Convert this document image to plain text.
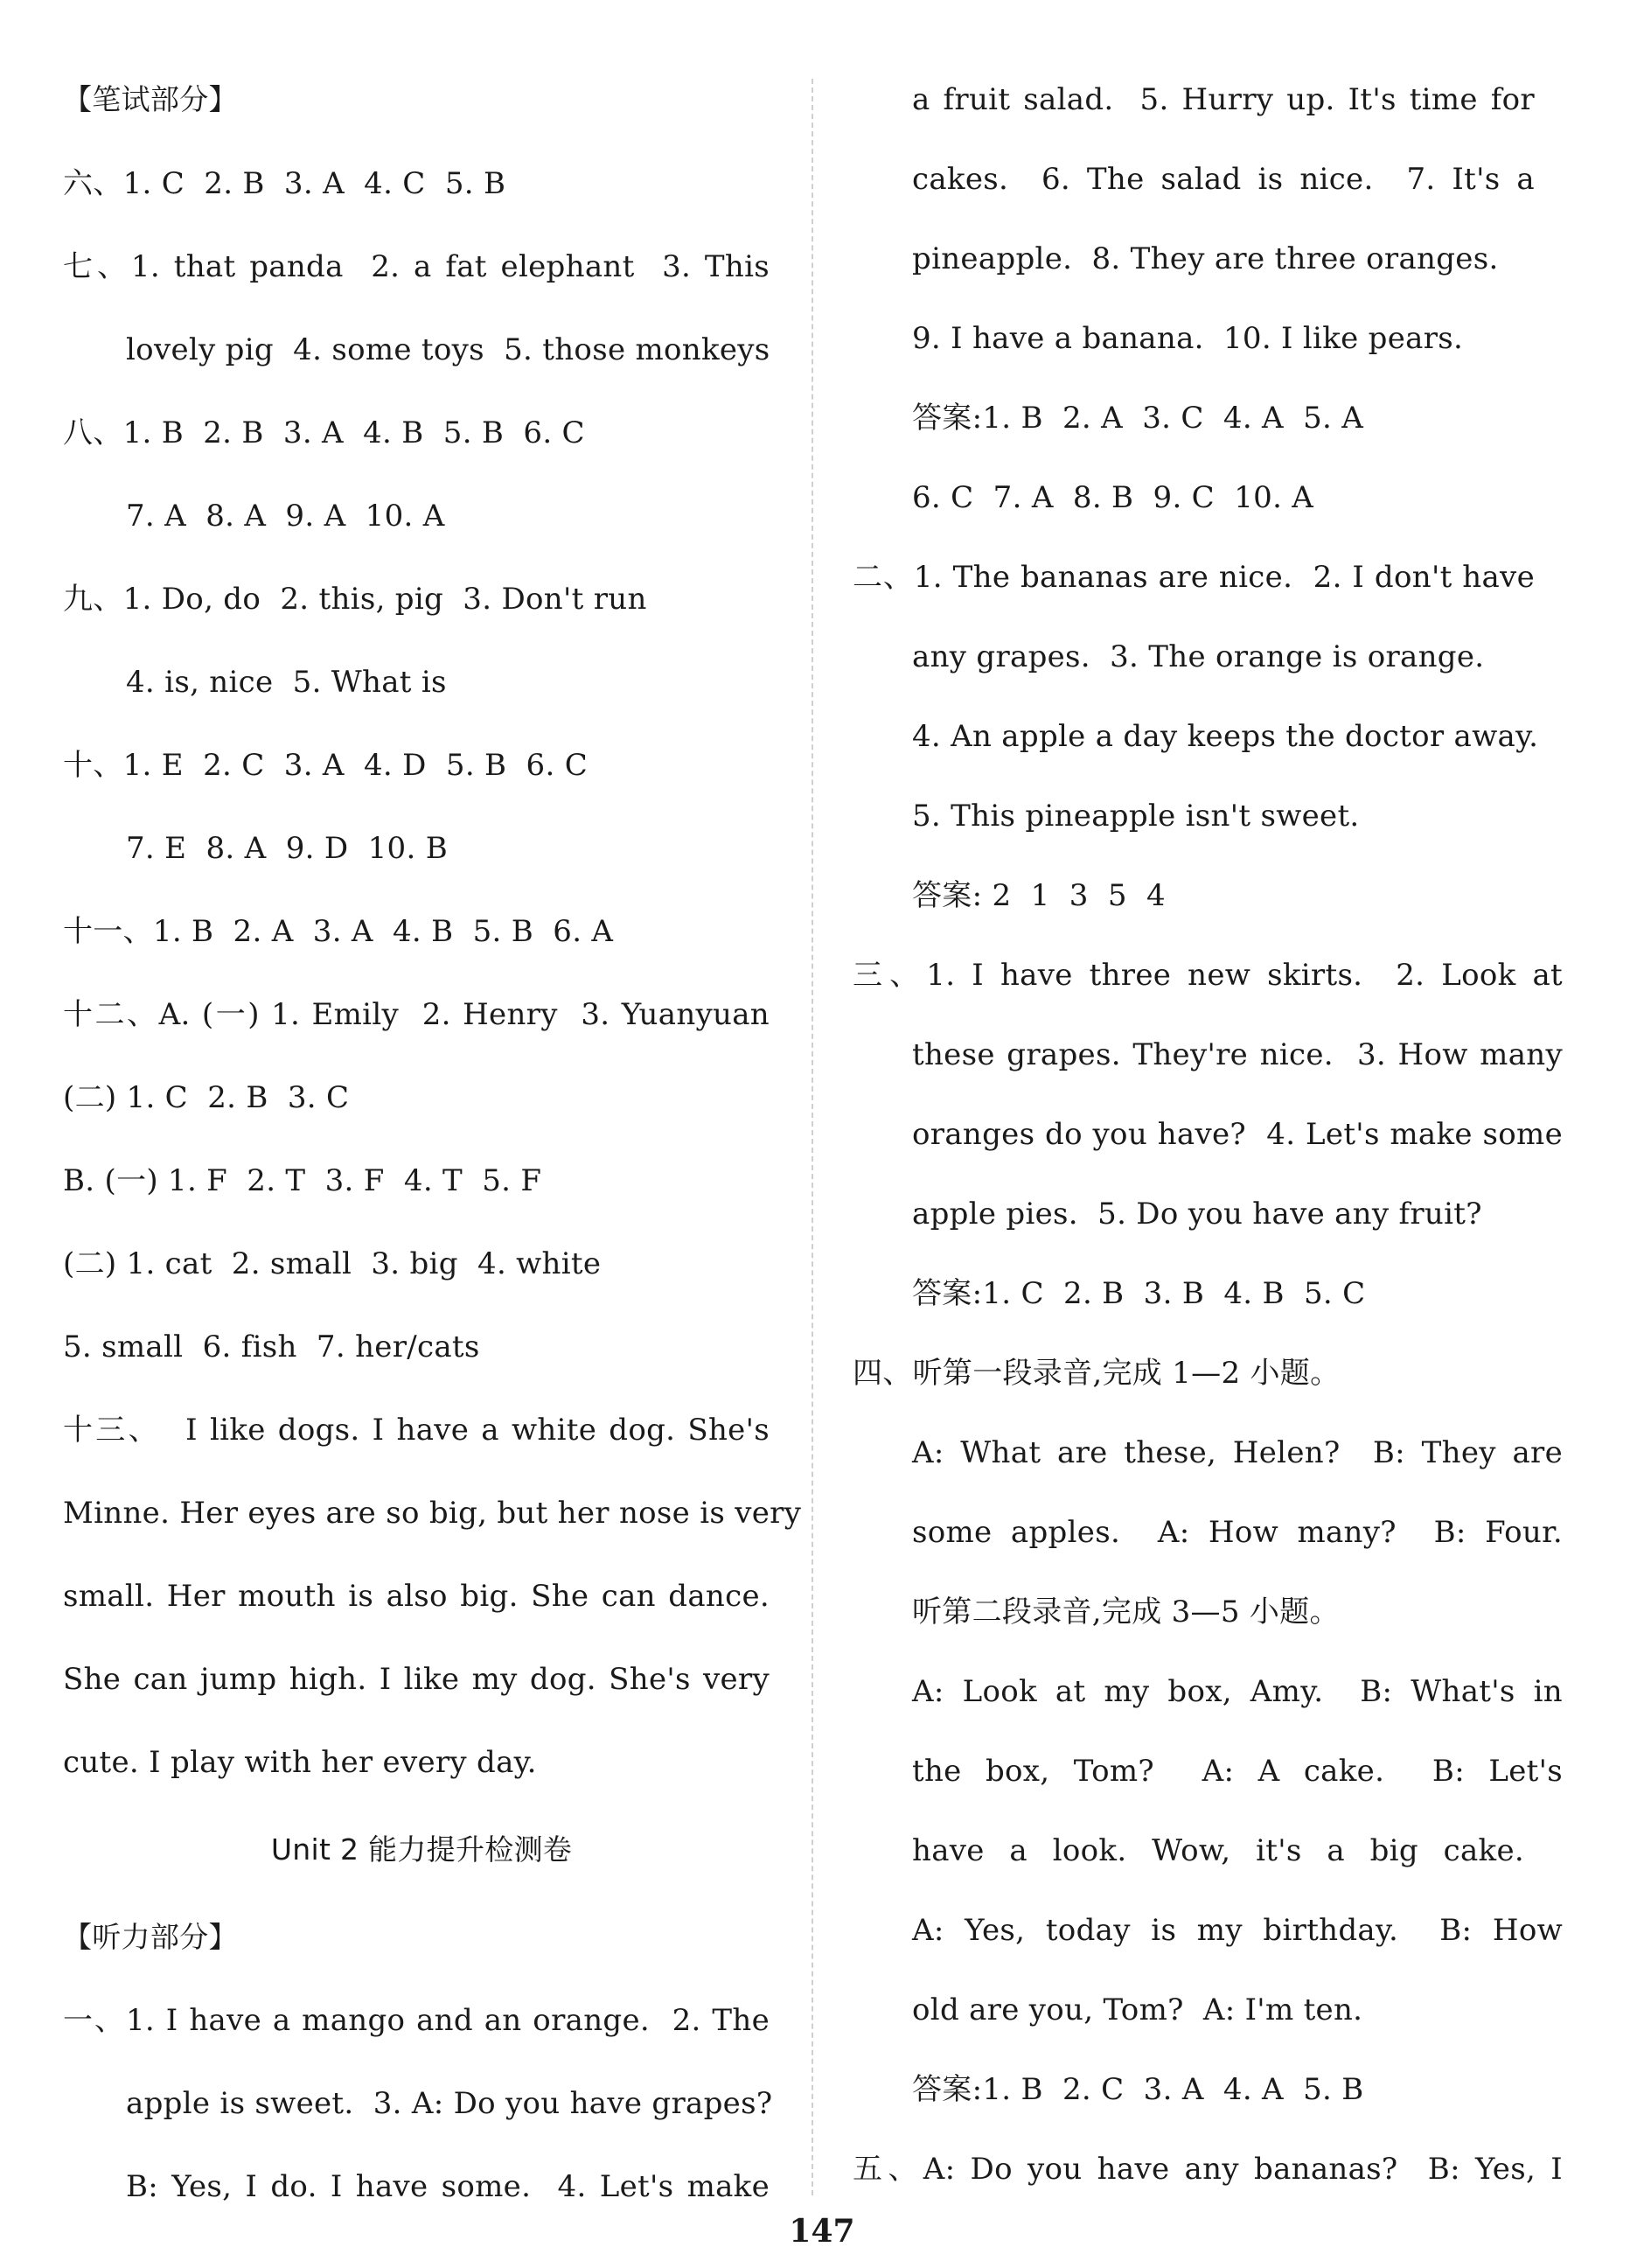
【笔试部分】
六、1. C  2. B  3. A  4. C  5. B
七、1. that panda  2. a fat elephant  3. This
lovely pig  4. some toys  5. those monkeys
八、1. B  2. B  3. A  4. B  5. B  6. C
7. A  8. A  9. A  10. A
九、1. Do, do  2. this, pig  3. Don't run
4. is, nice  5. What is
十、1. E  2. C  3. A  4. D  5. B  6. C
7. E  8. A  9. D  10. B
十一、1. B  2. A  3. A  4. B  5. B  6. A
十二、A. (一) 1. Emily  2. Henry  3. Yuanyuan
(二) 1. C  2. B  3. C
B. (一) 1. F  2. T  3. F  4. T  5. F
(二) 1. cat  2. small  3. big  4. white
5. small  6. fish  7. her/cats
十三、  I like dogs. I have a white dog. She's
Minne. Her eyes are so big, but her nose is very
small. Her mouth is also big. She can dance.
She can jump high. I like my dog. She's very
cute. I play with her every day.
Unit 2 能力提升检测卷
【听力部分】
一、1. I have a mango and an orange.  2. The
apple is sweet.  3. A: Do you have grapes?
B: Yes, I do. I have some.  4. Let's make
a fruit salad.  5. Hurry up. It's time for
cakes.  6. The salad is nice.  7. It's a
pineapple.  8. They are three oranges.
9. I have a banana.  10. I like pears.
答案:1. B  2. A  3. C  4. A  5. A
6. C  7. A  8. B  9. C  10. A
二、1. The bananas are nice.  2. I don't have
any grapes.  3. The orange is orange.
4. An apple a day keeps the doctor away.
5. This pineapple isn't sweet.
答案: 2  1  3  5  4
三、1. I have three new skirts.  2. Look at
these grapes. They're nice.  3. How many
oranges do you have?  4. Let's make some
apple pies.  5. Do you have any fruit?
答案:1. C  2. B  3. B  4. B  5. C
四、听第一段录音,完成 1—2 小题。
A: What are these, Helen?  B: They are
some apples.  A: How many?  B: Four.
听第二段录音,完成 3—5 小题。
A: Look at my box, Amy.  B: What's in
the box, Tom?  A: A cake.  B: Let's
have a look. Wow, it's a big cake.
A: Yes, today is my birthday.  B: How
old are you, Tom?  A: I'm ten.
答案:1. B  2. C  3. A  4. A  5. B
五、A: Do you have any bananas?  B: Yes, I
147
